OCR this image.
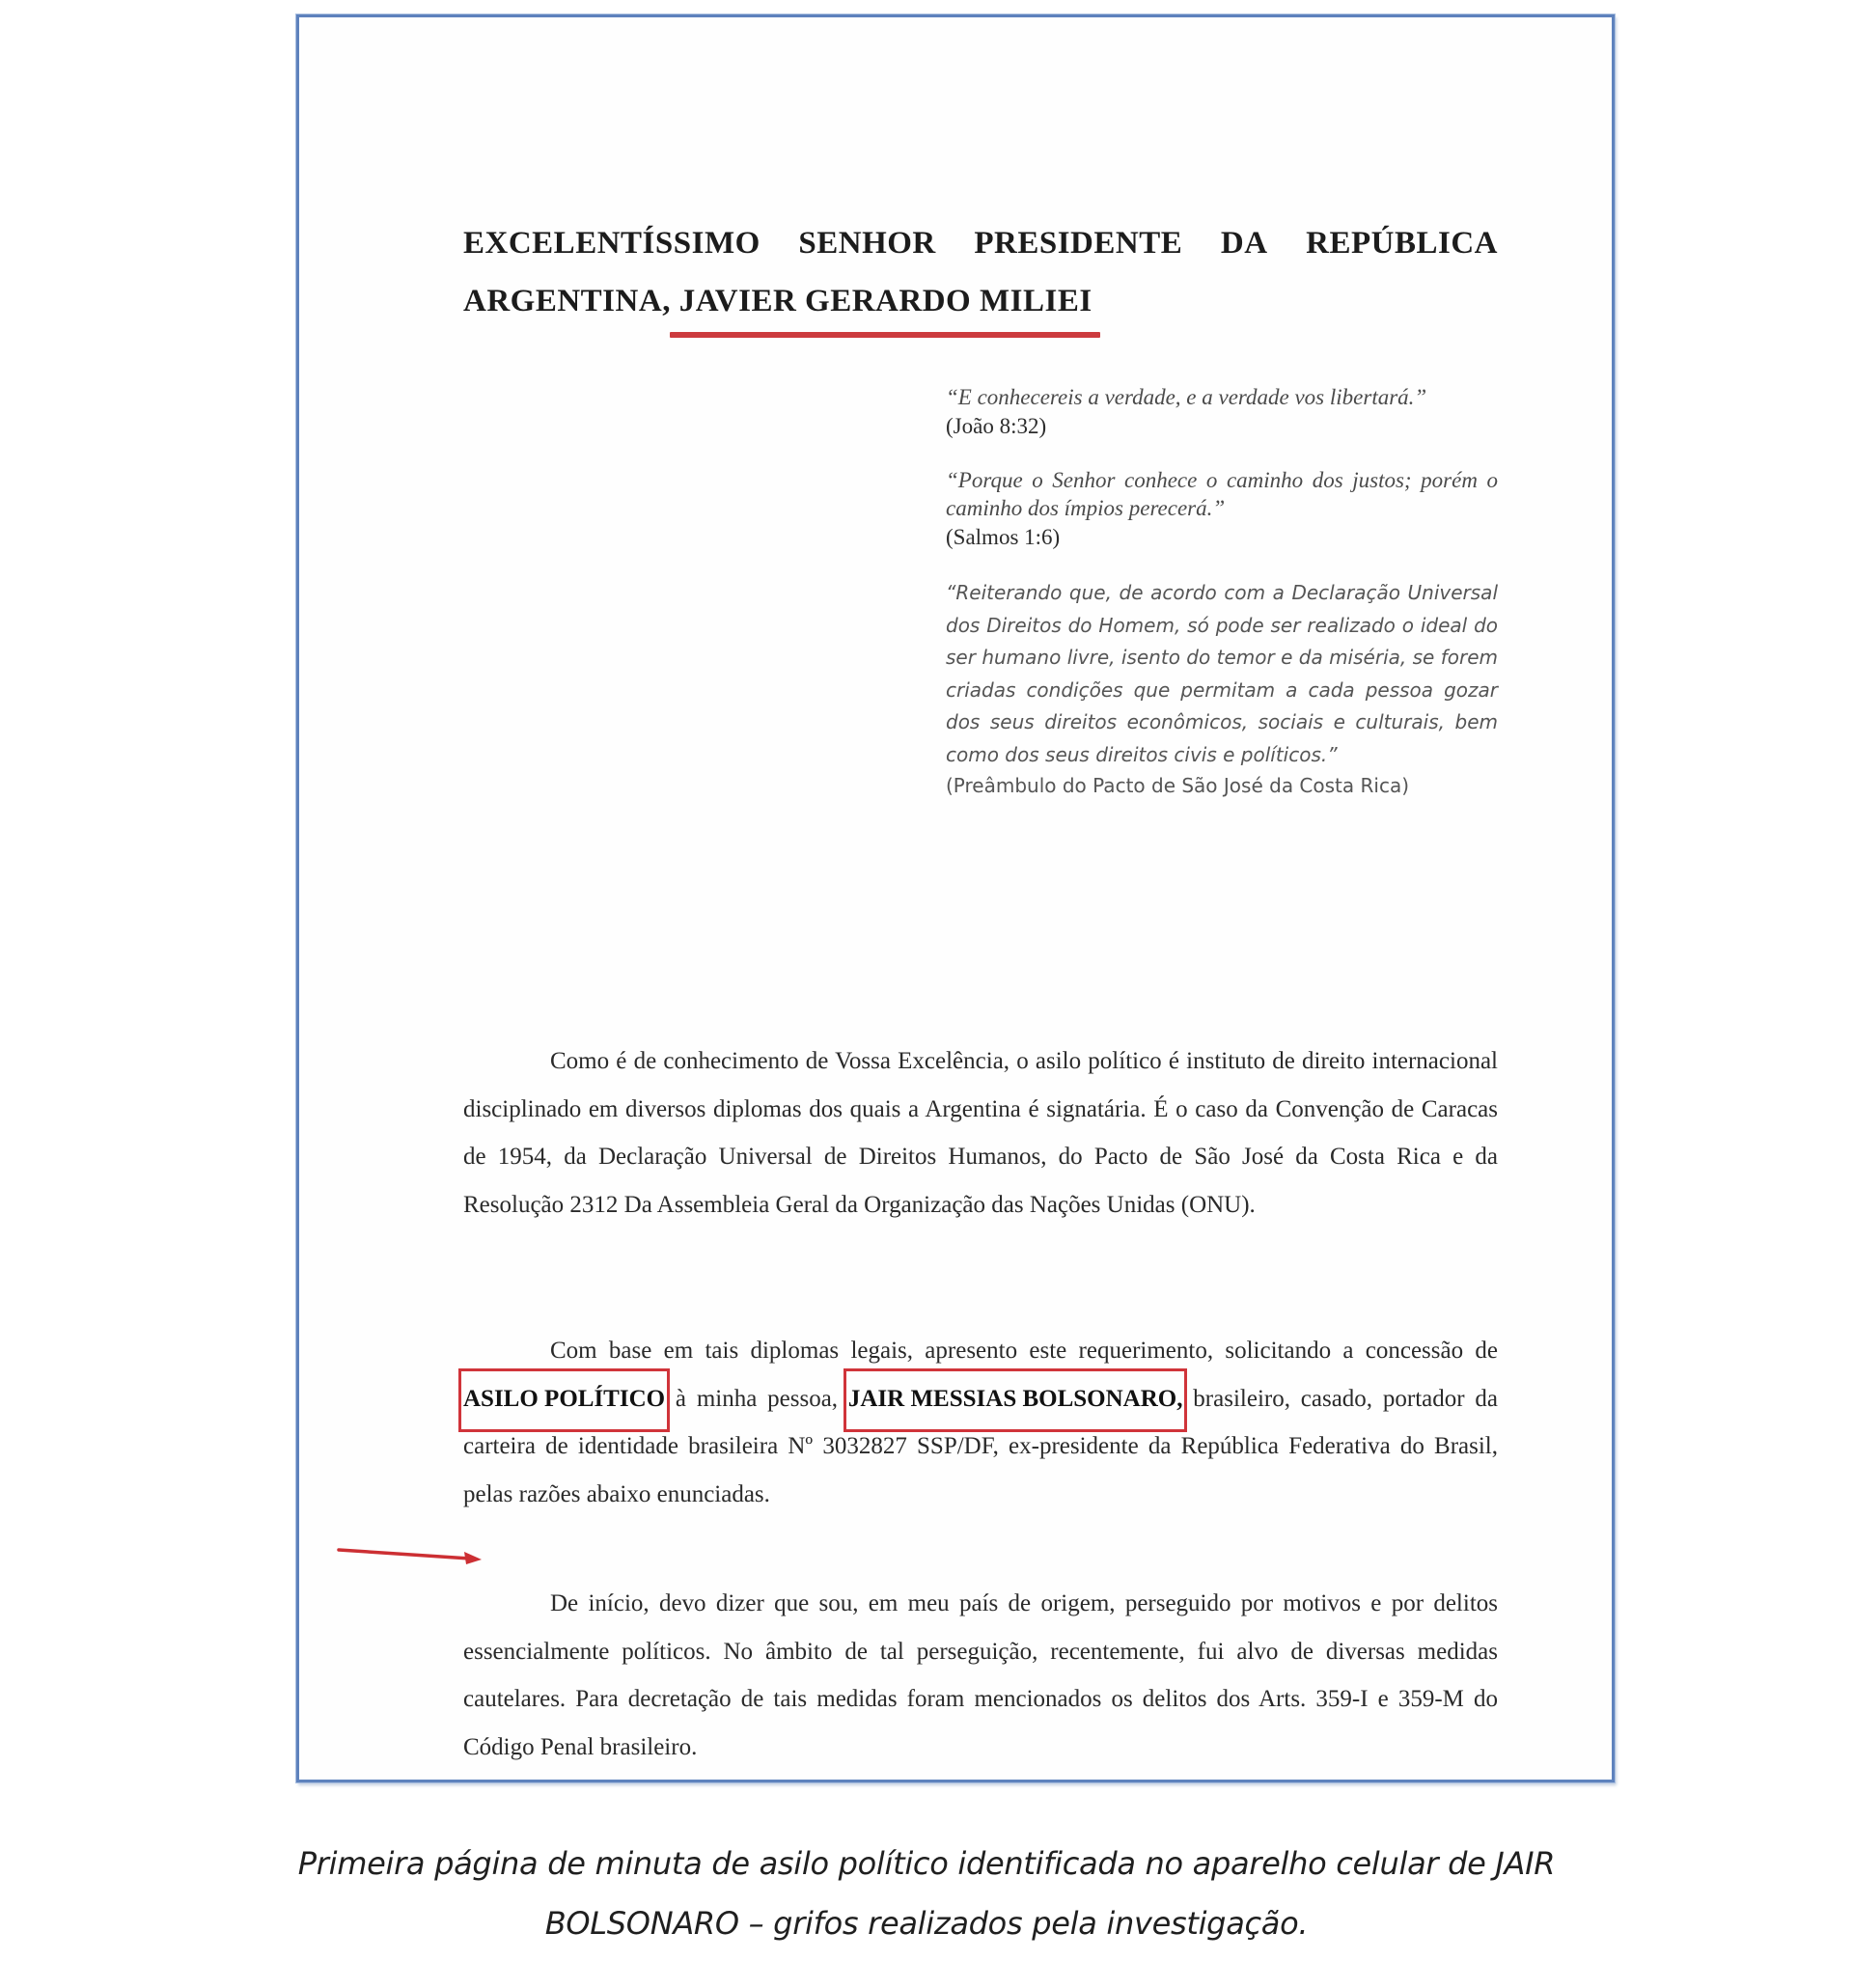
EXCELENTÍSSIMO SENHOR PRESIDENTE DA REPÚBLICA
ARGENTINA, JAVIER GERARDO MILIEI
“E conhecereis a verdade, e a verdade vos libertará.”
(João 8:32)
“Porque o Senhor conhece o caminho dos justos; porém o caminho dos ímpios perecerá.”
(Salmos 1:6)
“Reiterando que, de acordo com a Declaração Universal dos Direitos do Homem, só pode ser realizado o ideal do ser humano livre, isento do temor e da miséria, se forem criadas condições que permitam a cada pessoa gozar dos seus direitos econômicos, sociais e culturais, bem como dos seus direitos civis e políticos.”
(Preâmbulo do Pacto de São José da Costa Rica)

Como é de conhecimento de Vossa Excelência, o asilo político é instituto de direito internacional disciplinado em diversos diplomas dos quais a Argentina é signatária. É o caso da Convenção de Caracas de 1954, da Declaração Universal de Direitos Humanos, do Pacto de São José da Costa Rica e da Resolução 2312 Da Assembleia Geral da Organização das Nações Unidas (ONU).

Com base em tais diplomas legais, apresento este requerimento, solicitando a concessão de ASILO POLÍTICO à minha pessoa, JAIR MESSIAS BOLSONARO, brasileiro, casado, portador da carteira de identidade brasileira Nº 3032827 SSP/DF, ex-presidente da República Federativa do Brasil, pelas razões abaixo enunciadas.

De início, devo dizer que sou, em meu país de origem, perseguido por motivos e por delitos essencialmente políticos. No âmbito de tal perseguição, recentemente, fui alvo de diversas medidas cautelares. Para decretação de tais medidas foram mencionados os delitos dos Arts. 359-I e 359-M do Código Penal brasileiro.

Primeira página de minuta de asilo político identificada no aparelho celular de JAIR
BOLSONARO – grifos realizados pela investigação.
